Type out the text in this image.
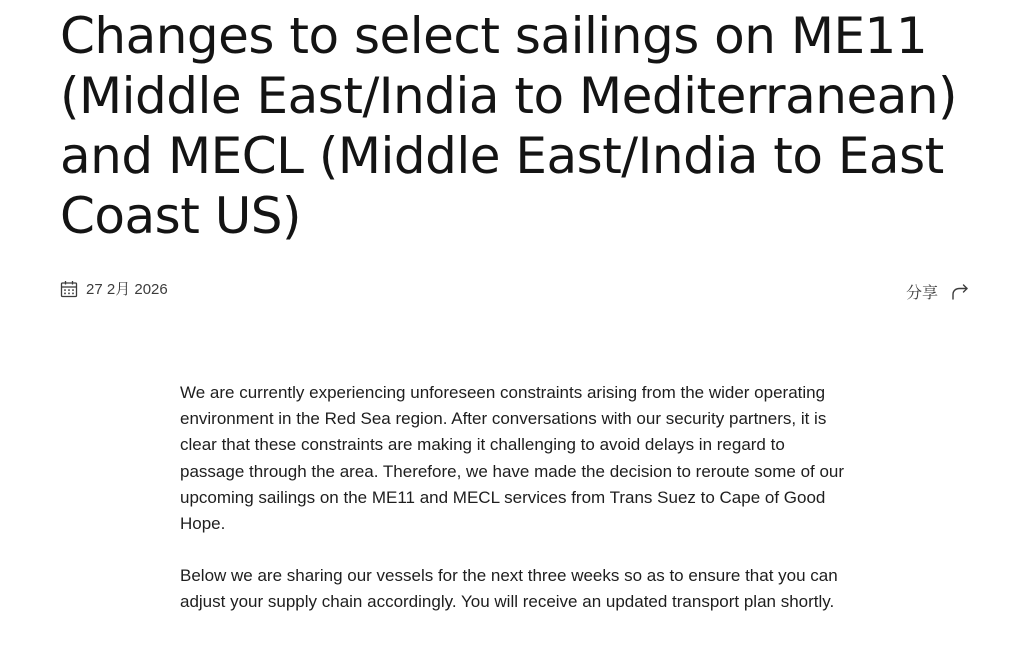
Changes to select sailings on ME11 (Middle East/India to Mediterranean) and MECL (Middle East/India to East Coast US)
27 2月 2026	分享

We are currently experiencing unforeseen constraints arising from the wider operating environment in the Red Sea region. After conversations with our security partners, it is clear that these constraints are making it challenging to avoid delays in regard to passage through the area. Therefore, we have made the decision to reroute some of our upcoming sailings on the ME11 and MECL services from Trans Suez to Cape of Good Hope.

Below we are sharing our vessels for the next three weeks so as to ensure that you can adjust your supply chain accordingly. You will receive an updated transport plan shortly.
